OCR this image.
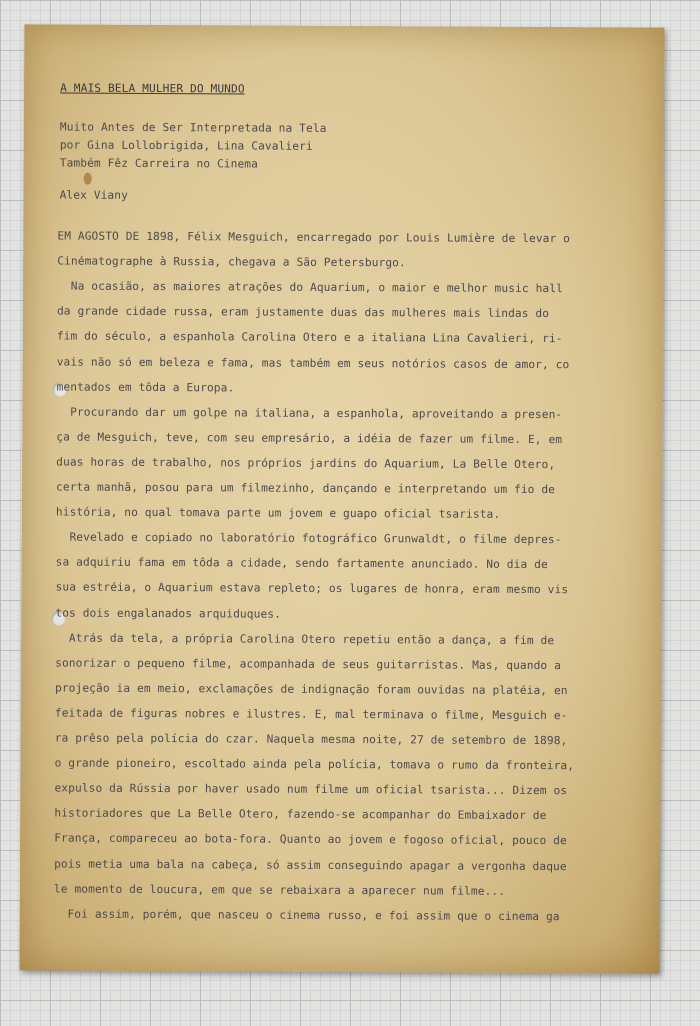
A MAIS BELA MULHER DO MUNDO
Muito Antes de Ser Interpretada na Tela
por Gina Lollobrigida, Lina Cavalieri
Também Fêz Carreira no Cinema
Alex Viany
EM AGOSTO DE 1898, Félix Mesguich, encarregado por Louis Lumière de levar o
Cinématographe à Russia, chegava a São Petersburgo.
Na ocasião, as maiores atrações do Aquarium, o maior e melhor music hall
da grande cidade russa, eram justamente duas das mulheres mais lindas do
fim do século, a espanhola Carolina Otero e a italiana Lina Cavalieri, ri-
vais não só em beleza e fama, mas também em seus notórios casos de amor, co
mentados em tôda a Europa.
Procurando dar um golpe na italiana, a espanhola, aproveitando a presen-
ça de Mesguich, teve, com seu empresário, a idéia de fazer um filme. E, em
duas horas de trabalho, nos próprios jardins do Aquarium, La Belle Otero,
certa manhã, posou para um filmezinho, dançando e interpretando um fio de
história, no qual tomava parte um jovem e guapo oficial tsarista.
Revelado e copiado no laboratório fotográfico Grunwaldt, o filme depres-
sa adquiriu fama em tôda a cidade, sendo fartamente anunciado. No dia de
sua estréia, o Aquarium estava repleto; os lugares de honra, eram mesmo vis
tos dois engalanados arquiduques.
Atrás da tela, a própria Carolina Otero repetiu então a dança, a fim de
sonorizar o pequeno filme, acompanhada de seus guitarristas. Mas, quando a
projeção ia em meio, exclamações de indignação foram ouvidas na platéia, en
feitada de figuras nobres e ilustres. E, mal terminava o filme, Mesguich e-
ra prêso pela polícia do czar. Naquela mesma noite, 27 de setembro de 1898,
o grande pioneiro, escoltado ainda pela polícia, tomava o rumo da fronteira,
expulso da Rússia por haver usado num filme um oficial tsarista... Dizem os
historiadores que La Belle Otero, fazendo-se acompanhar do Embaixador de
França, compareceu ao bota-fora. Quanto ao jovem e fogoso oficial, pouco de
pois metia uma bala na cabeça, só assim conseguindo apagar a vergonha daque
le momento de loucura, em que se rebaixara a aparecer num filme...
Foi assim, porém, que nasceu o cinema russo, e foi assim que o cinema ga
